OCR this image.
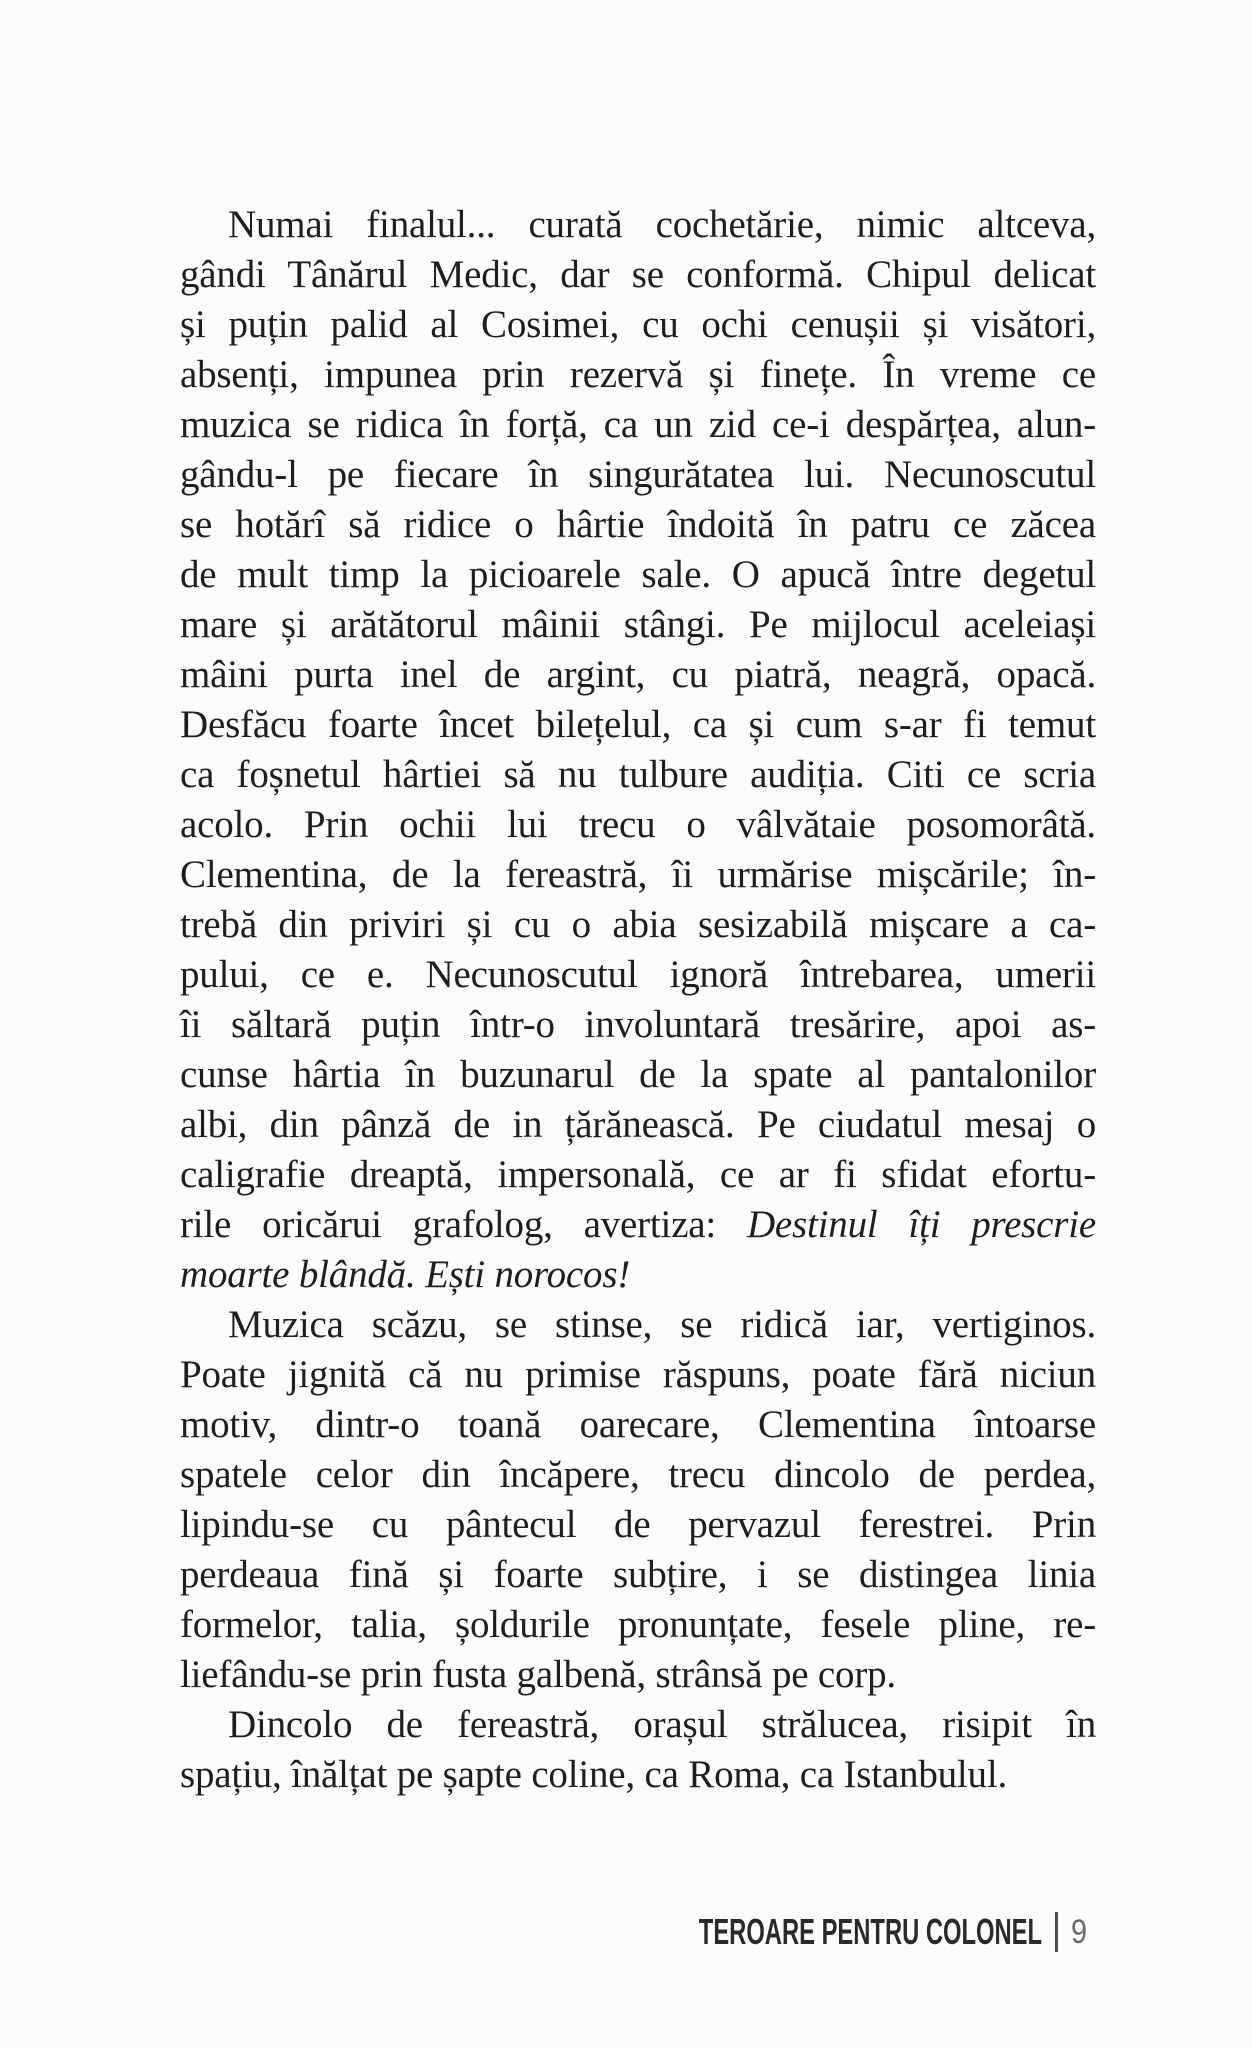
Numai finalul... curată cochetărie, nimic altceva,
gândi Tânărul Medic, dar se conformă. Chipul delicat
și puțin palid al Cosimei, cu ochi cenușii și visători,
absenți, impunea prin rezervă și finețe. În vreme ce
muzica se ridica în forță, ca un zid ce-i despărțea, alun-
gându-l pe fiecare în singurătatea lui. Necunoscutul
se hotărî să ridice o hârtie îndoită în patru ce zăcea
de mult timp la picioarele sale. O apucă între degetul
mare și arătătorul mâinii stângi. Pe mijlocul aceleiași
mâini purta inel de argint, cu piatră, neagră, opacă.
Desfăcu foarte încet bilețelul, ca și cum s-ar fi temut
ca foșnetul hârtiei să nu tulbure audiția. Citi ce scria
acolo. Prin ochii lui trecu o vâlvătaie posomorâtă.
Clementina, de la fereastră, îi urmărise mișcările; în-
trebă din priviri și cu o abia sesizabilă mișcare a ca-
pului, ce e. Necunoscutul ignoră întrebarea, umerii
îi săltară puțin într-o involuntară tresărire, apoi as-
cunse hârtia în buzunarul de la spate al pantalonilor
albi, din pânză de in țărănească. Pe ciudatul mesaj o
caligrafie dreaptă, impersonală, ce ar fi sfidat efortu-
rile oricărui grafolog, avertiza: Destinul îți prescrie
moarte blândă. Ești norocos!
Muzica scăzu, se stinse, se ridică iar, vertiginos.
Poate jignită că nu primise răspuns, poate fără niciun
motiv, dintr-o toană oarecare, Clementina întoarse
spatele celor din încăpere, trecu dincolo de perdea,
lipindu-se cu pântecul de pervazul ferestrei. Prin
perdeaua fină și foarte subțire, i se distingea linia
formelor, talia, șoldurile pronunțate, fesele pline, re-
liefându-se prin fusta galbenă, strânsă pe corp.
Dincolo de fereastră, orașul strălucea, risipit în
spațiu, înălțat pe șapte coline, ca Roma, ca Istanbulul.
TEROARE PENTRU COLONEL 9
